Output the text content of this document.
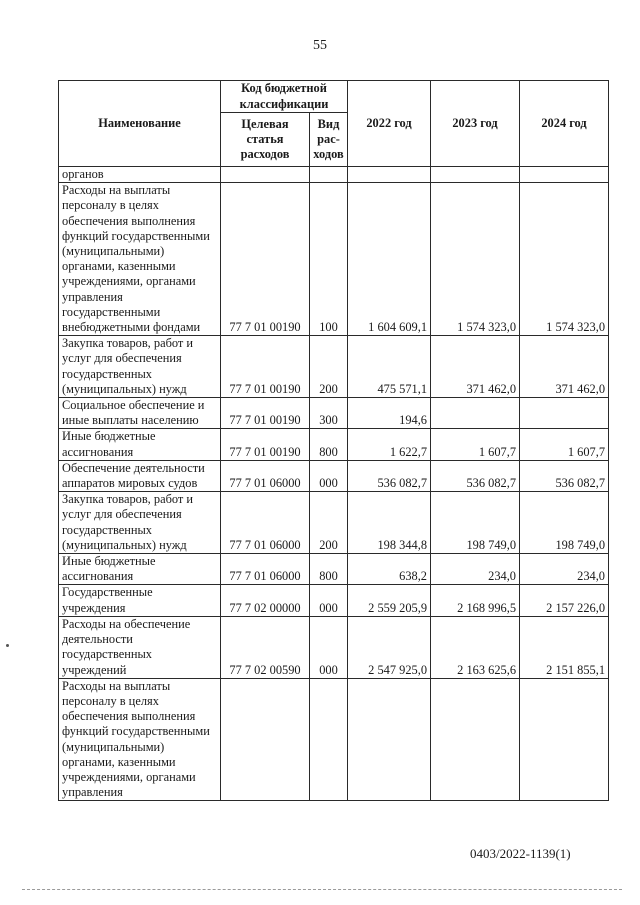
55
Наименование	Код бюджетной классификации		2022 год	2023 год	2024 год
	Целевая статья расходов	Вид рас-ходов			
органов					
Расходы на выплаты персоналу в целях обеспечения выполнения функций государственными (муниципальными) органами, казенными учреждениями, органами управления государственными внебюджетными фондами	77 7 01 00190	100	1 604 609,1	1 574 323,0	1 574 323,0
Закупка товаров, работ и услуг для обеспечения государственных (муниципальных) нужд	77 7 01 00190	200	475 571,1	371 462,0	371 462,0
Социальное обеспечение и иные выплаты населению	77 7 01 00190	300	194,6		
Иные бюджетные ассигнования	77 7 01 00190	800	1 622,7	1 607,7	1 607,7
Обеспечение деятельности аппаратов мировых судов	77 7 01 06000	000	536 082,7	536 082,7	536 082,7
Закупка товаров, работ и услуг для обеспечения государственных (муниципальных) нужд	77 7 01 06000	200	198 344,8	198 749,0	198 749,0
Иные бюджетные ассигнования	77 7 01 06000	800	638,2	234,0	234,0
Государственные учреждения	77 7 02 00000	000	2 559 205,9	2 168 996,5	2 157 226,0
Расходы на обеспечение деятельности государственных учреждений	77 7 02 00590	000	2 547 925,0	2 163 625,6	2 151 855,1
Расходы на выплаты персоналу в целях обеспечения выполнения функций государственными (муниципальными) органами, казенными учреждениями, органами управления					
0403/2022-1139(1)
